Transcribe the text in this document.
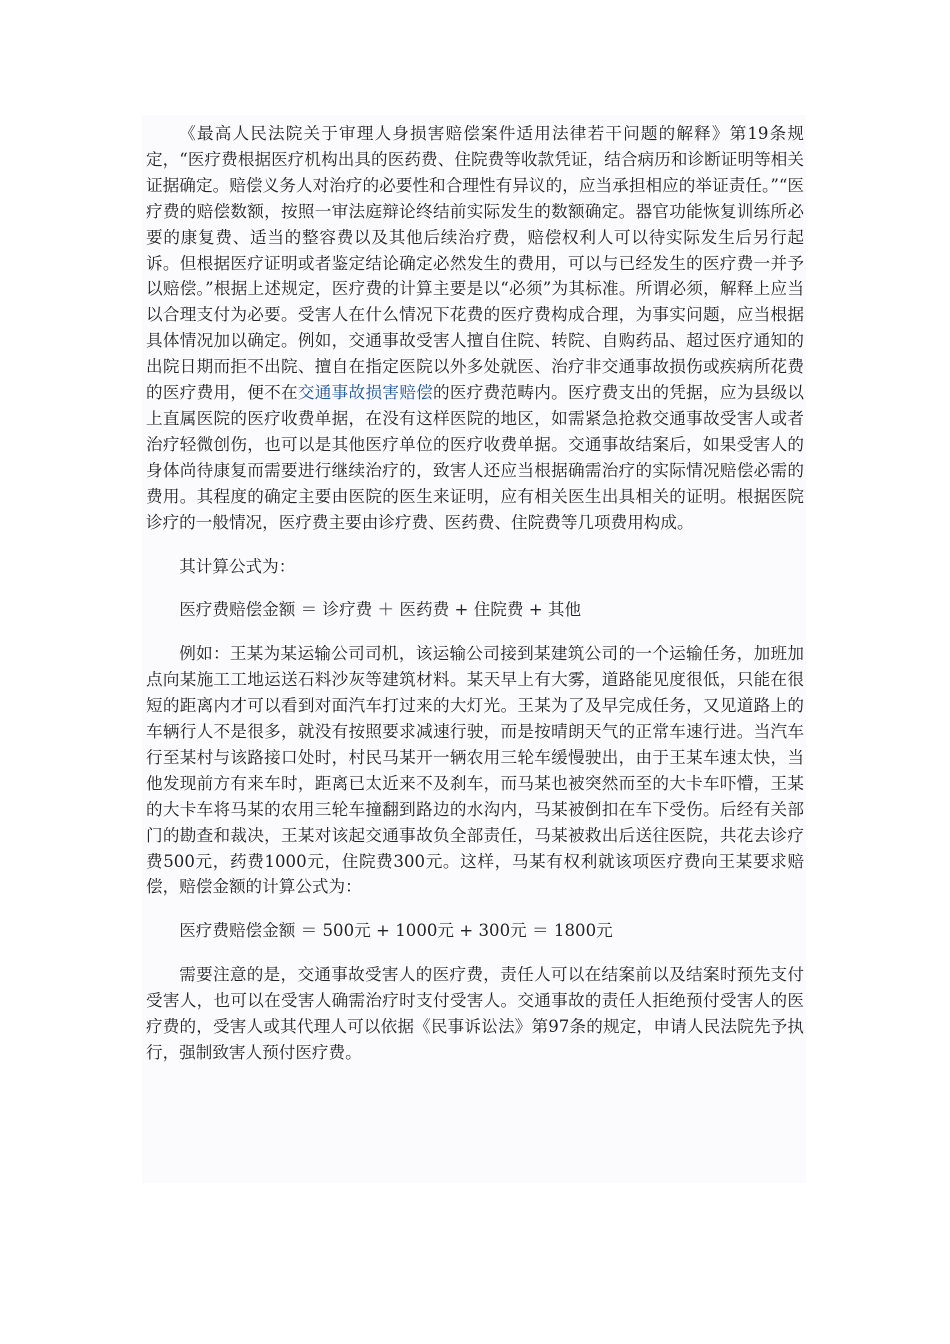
《最高人民法院关于审理人身损害赔偿案件适用法律若干问题的解释》第19条规定，“医疗费根据医疗机构出具的医药费、住院费等收款凭证，结合病历和诊断证明等相关证据确定。赔偿义务人对治疗的必要性和合理性有异议的，应当承担相应的举证责任。”“医疗费的赔偿数额，按照一审法庭辩论终结前实际发生的数额确定。器官功能恢复训练所必要的康复费、适当的整容费以及其他后续治疗费，赔偿权利人可以待实际发生后另行起诉。但根据医疗证明或者鉴定结论确定必然发生的费用，可以与已经发生的医疗费一并予以赔偿。”根据上述规定，医疗费的计算主要是以“必须”为其标准。所谓必须，解释上应当以合理支付为必要。受害人在什么情况下花费的医疗费构成合理，为事实问题，应当根据具体情况加以确定。例如，交通事故受害人擅自住院、转院、自购药品、超过医疗通知的出院日期而拒不出院、擅自在指定医院以外多处就医、治疗非交通事故损伤或疾病所花费的医疗费用，便不在交通事故损害赔偿的医疗费范畴内。医疗费支出的凭据，应为县级以上直属医院的医疗收费单据，在没有这样医院的地区，如需紧急抢救交通事故受害人或者治疗轻微创伤，也可以是其他医疗单位的医疗收费单据。交通事故结案后，如果受害人的身体尚待康复而需要进行继续治疗的，致害人还应当根据确需治疗的实际情况赔偿必需的费用。其程度的确定主要由医院的医生来证明，应有相关医生出具相关的证明。根据医院诊疗的一般情况，医疗费主要由诊疗费、医药费、住院费等几项费用构成。

其计算公式为：

医疗费赔偿金额 ＝ 诊疗费 ＋ 医药费 + 住院费 + 其他

例如：王某为某运输公司司机，该运输公司接到某建筑公司的一个运输任务，加班加点向某施工工地运送石料沙灰等建筑材料。某天早上有大雾，道路能见度很低，只能在很短的距离内才可以看到对面汽车打过来的大灯光。王某为了及早完成任务，又见道路上的车辆行人不是很多，就没有按照要求减速行驶，而是按晴朗天气的正常车速行进。当汽车行至某村与该路接口处时，村民马某开一辆农用三轮车缓慢驶出，由于王某车速太快，当他发现前方有来车时，距离已太近来不及刹车，而马某也被突然而至的大卡车吓懵，王某的大卡车将马某的农用三轮车撞翻到路边的水沟内，马某被倒扣在车下受伤。后经有关部门的勘查和裁决，王某对该起交通事故负全部责任，马某被救出后送往医院，共花去诊疗费500元，药费1000元，住院费300元。这样，马某有权利就该项医疗费向王某要求赔偿，赔偿金额的计算公式为：

医疗费赔偿金额 ＝ 500元 + 1000元 + 300元 ＝ 1800元

需要注意的是，交通事故受害人的医疗费，责任人可以在结案前以及结案时预先支付受害人，也可以在受害人确需治疗时支付受害人。交通事故的责任人拒绝预付受害人的医疗费的，受害人或其代理人可以依据《民事诉讼法》第97条的规定，申请人民法院先予执行，强制致害人预付医疗费。
